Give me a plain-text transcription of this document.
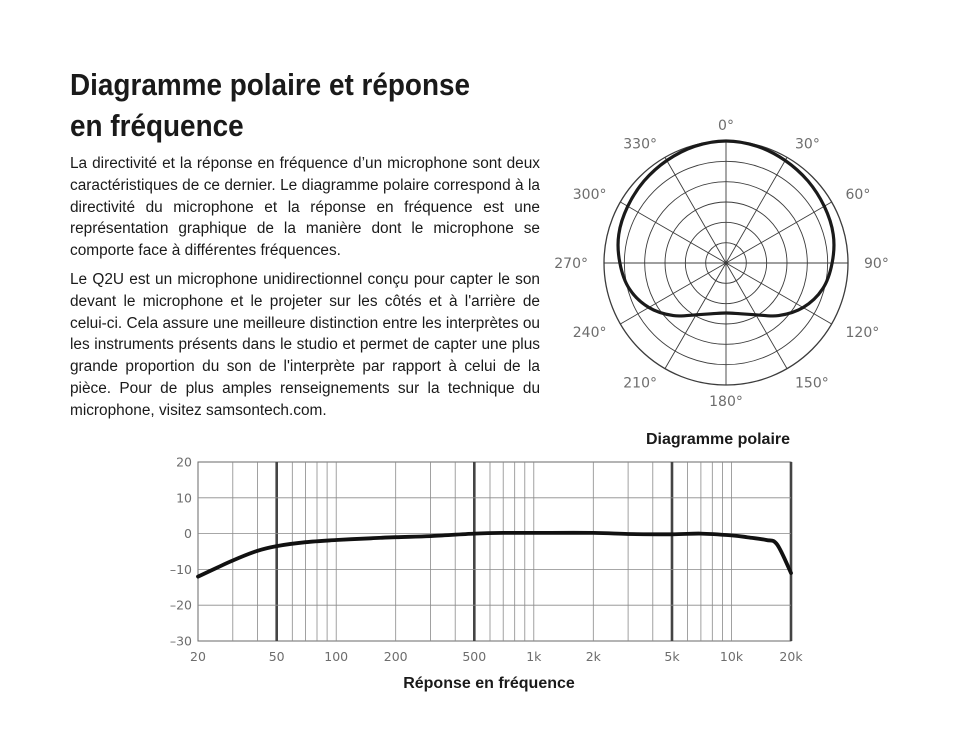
Diagramme polaire et réponse
en fréquence

La directivité et la réponse en fréquence d’un microphone sont deux caractéristiques de ce dernier. Le diagramme polaire correspond à la directivité du microphone et la réponse en fréquence est une représentation graphique de la manière dont le microphone se comporte face à différentes fréquences.

Le Q2U est un microphone unidirectionnel conçu pour capter le son devant le microphone et le projeter sur les côtés et à l'arrière de celui-ci. Cela assure une meilleure distinction entre les interprètes ou les instruments présents dans le studio et permet de capter une plus grande proportion du son de l'interprète par rapport à celui de la pièce. Pour de plus amples renseignements sur la technique du microphone, visitez samsontech.com.

0°
30°
60°
90°
120°
150°
180°
210°
240°
270°
300°
330°
Diagramme polaire
20
10
0
–10
–20
–30
20	50	100	200	500	1k	2k	5k	10k	20k
Réponse en fréquence
